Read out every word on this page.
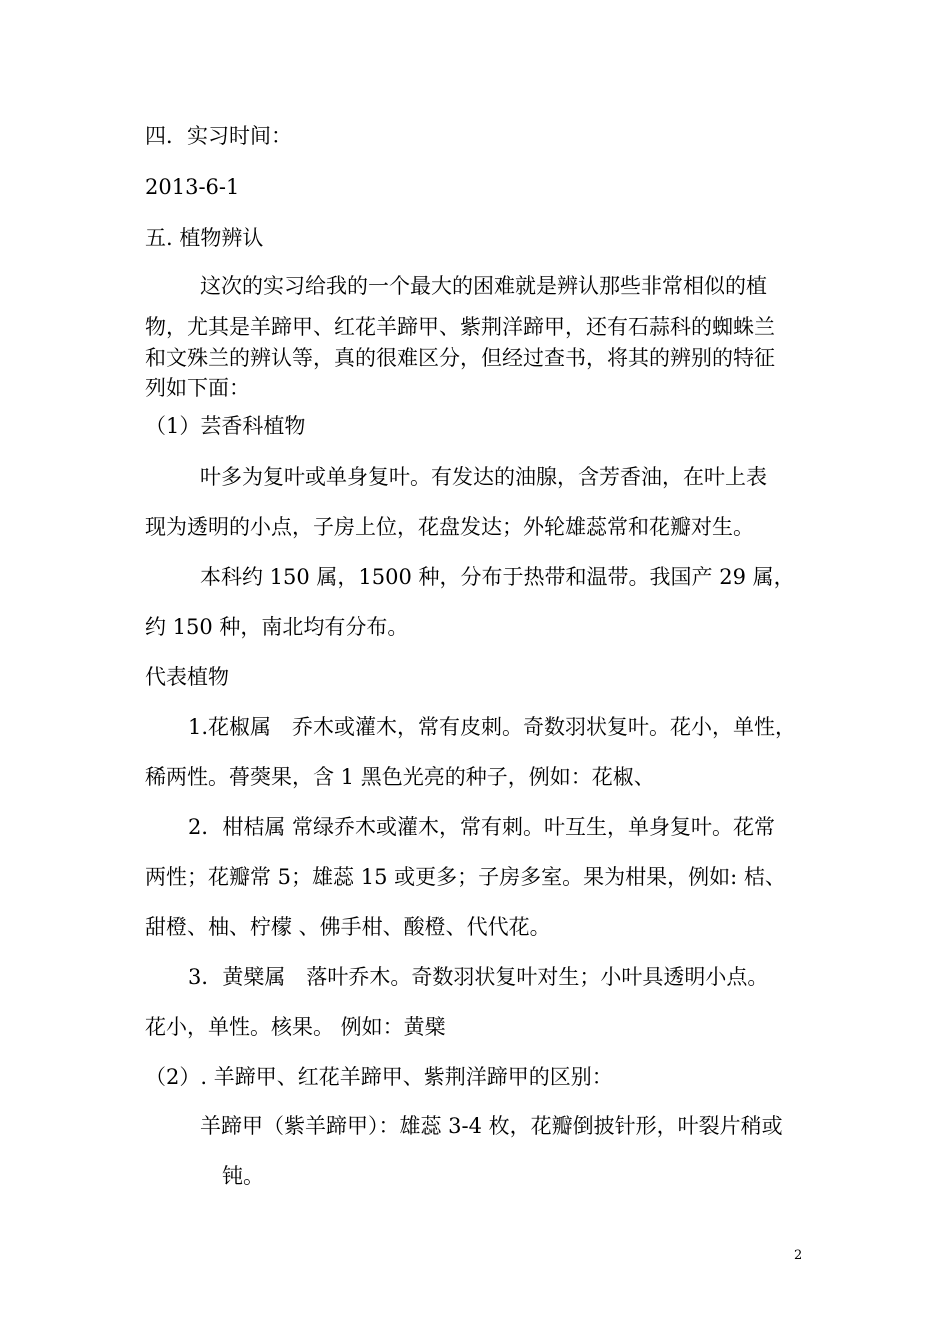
四．实习时间：

2013-6-1

五. 植物辨认

这次的实习给我的一个最大的困难就是辨认那些非常相似的植

物，尤其是羊蹄甲、红花羊蹄甲、紫荆洋蹄甲，还有石蒜科的蜘蛛兰

和文殊兰的辨认等，真的很难区分，但经过查书，将其的辨别的特征

列如下面：

（1）芸香科植物

叶多为复叶或单身复叶。有发达的油腺，含芳香油，在叶上表

现为透明的小点，子房上位，花盘发达；外轮雄蕊常和花瓣对生。

本科约 150 属，1500 种，分布于热带和温带。我国产 29 属，

约 150 种，南北均有分布。

代表植物

1.花椒属　乔木或灌木，常有皮刺。奇数羽状复叶。花小，单性，

稀两性。蓇葖果，含 1 黑色光亮的种子，例如：花椒、

2．柑桔属 常绿乔木或灌木，常有刺。叶互生，单身复叶。花常

两性；花瓣常 5；雄蕊 15 或更多；子房多室。果为柑果，例如: 桔、

甜橙、柚、柠檬 、佛手柑、酸橙、代代花。

3．黄檗属　落叶乔木。奇数羽状复叶对生；小叶具透明小点。

花小，单性。核果。 例如：黄檗

（2）. 羊蹄甲、红花羊蹄甲、紫荆洋蹄甲的区别：

羊蹄甲（紫羊蹄甲）：雄蕊 3-4 枚，花瓣倒披针形，叶裂片稍或

钝。

2
